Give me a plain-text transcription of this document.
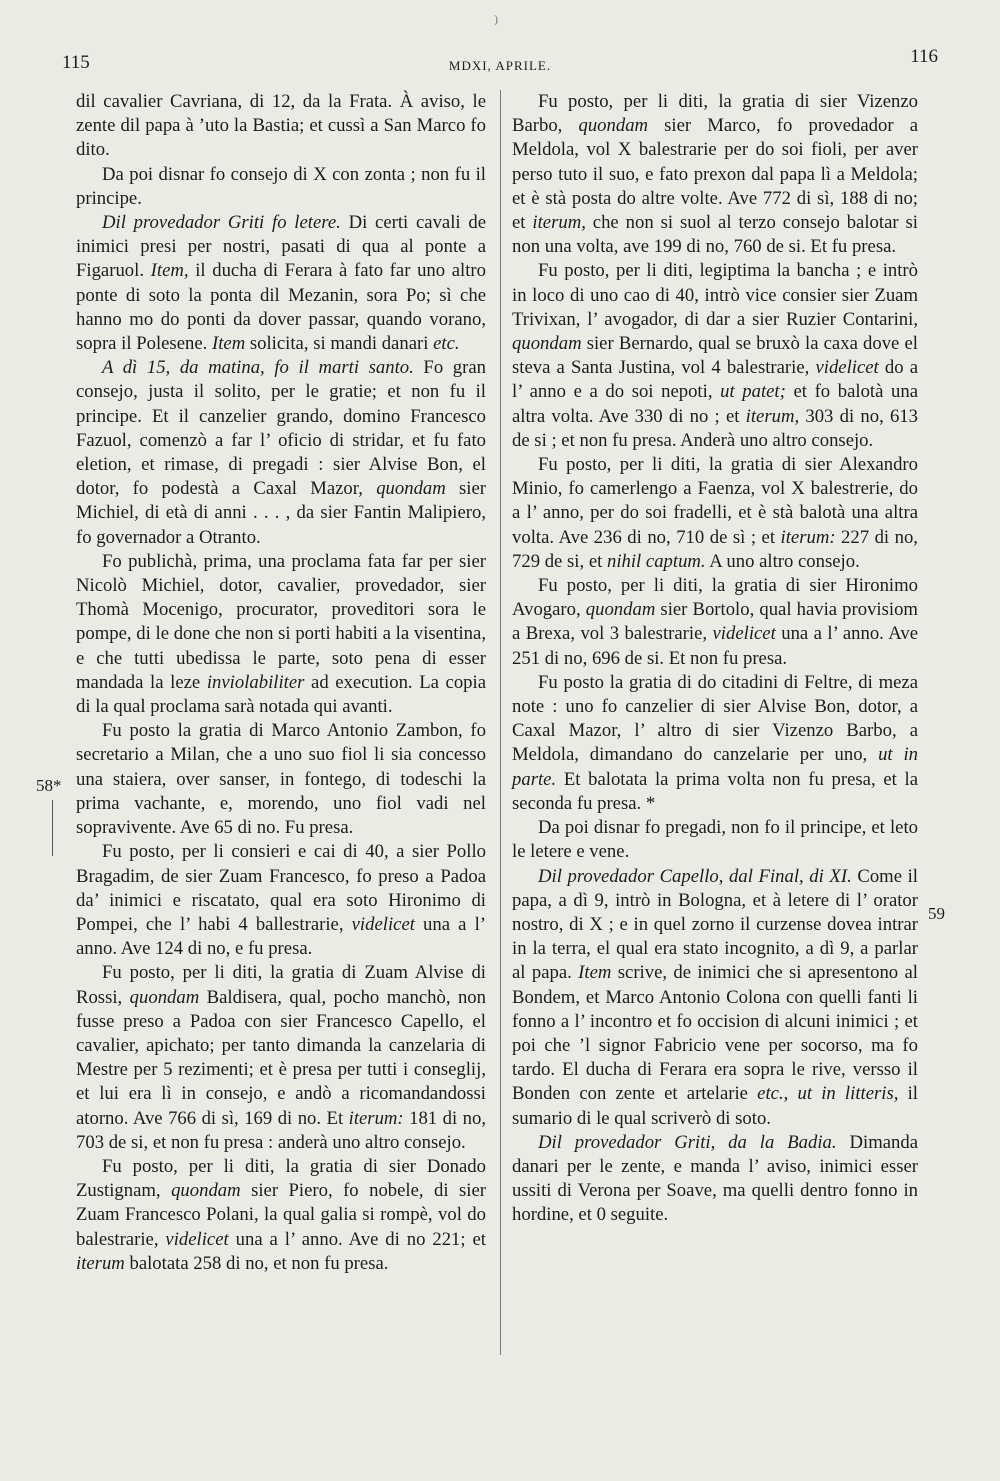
)
115	MDXI, APRILE.	116

dil cavalier Cavriana, di 12, da la Frata. À aviso, le zente dil papa à ’uto la Bastia; et cussì a San Marco fo dito.

Da poi disnar fo consejo di X con zonta ; non fu il principe.

Dil provedador Griti fo letere. Di certi cavali de inimici presi per nostri, pasati di qua al ponte a Figaruol. Item, il ducha di Ferara à fato far uno altro ponte di soto la ponta dil Mezanin, sora Po; sì che hanno mo do ponti da dover passar, quando vorano, sopra il Polesene. Item solicita, si mandi danari etc.

A dì 15, da matina, fo il marti santo. Fo gran consejo, justa il solito, per le gratie; et non fu il principe. Et il canzelier grando, domino Francesco Fazuol, comenzò a far l’ oficio di stridar, et fu fato eletion, et rimase, di pregadi : sier Alvise Bon, el dotor, fo podestà a Caxal Mazor, quondam sier Michiel, di età di anni . . . , da sier Fantin Malipiero, fo governador a Otranto.

Fo publichà, prima, una proclama fata far per sier Nicolò Michiel, dotor, cavalier, provedador, sier Thomà Mocenigo, procurator, proveditori sora le pompe, di le done che non si porti habiti a la visentina, e che tutti ubedissa le parte, soto pena di esser mandada la leze inviolabiliter ad execution. La copia di la qual proclama sarà notada qui avanti.

Fu posto la gratia di Marco Antonio Zambon, fo secretario a Milan, che a uno suo fiol li sia concesso una staiera, over sanser, in fontego, di todeschi la prima vachante, e, morendo, uno fiol vadi nel sopravivente. Ave 65 di no. Fu presa.

Fu posto, per li consieri e cai di 40, a sier Pollo Bragadim, de sier Zuam Francesco, fo preso a Padoa da’ inimici e riscatato, qual era soto Hironimo di Pompei, che l’ habi 4 ballestrarie, videlicet una a l’ anno. Ave 124 di no, e fu presa.

Fu posto, per li diti, la gratia di Zuam Alvise di Rossi, quondam Baldisera, qual, pocho manchò, non fusse preso a Padoa con sier Francesco Capello, el cavalier, apichato; per tanto dimanda la canzelaria di Mestre per 5 rezimenti; et è presa per tutti i conseglij, et lui era lì in consejo, e andò a ricomandandossi atorno. Ave 766 di sì, 169 di no. Et iterum: 181 di no, 703 de si, et non fu presa : anderà uno altro consejo.

Fu posto, per li diti, la gratia di sier Donado Zustignam, quondam sier Piero, fo nobele, di sier Zuam Francesco Polani, la qual galia si rompè, vol do balestrarie, videlicet una a l’ anno. Ave di no 221; et iterum balotata 258 di no, et non fu presa.

Fu posto, per li diti, la gratia di sier Vizenzo Barbo, quondam sier Marco, fo provedador a Meldola, vol X balestrarie per do soi fioli, per aver perso tuto il suo, e fato prexon dal papa lì a Meldola; et è stà posta do altre volte. Ave 772 di sì, 188 di no; et iterum, che non si suol al terzo consejo balotar si non una volta, ave 199 di no, 760 de si. Et fu presa.

Fu posto, per li diti, legiptima la bancha ; e intrò in loco di uno cao di 40, intrò vice consier sier Zuam Trivixan, l’ avogador, di dar a sier Ruzier Contarini, quondam sier Bernardo, qual se bruxò la caxa dove el steva a Santa Justina, vol 4 balestrarie, videlicet do a l’ anno e a do soi nepoti, ut patet; et fo balotà una altra volta. Ave 330 di no ; et iterum, 303 di no, 613 de si ; et non fu presa. Anderà uno altro consejo.

Fu posto, per li diti, la gratia di sier Alexandro Minio, fo camerlengo a Faenza, vol X balestrerie, do a l’ anno, per do soi fradelli, et è stà balotà una altra volta. Ave 236 di no, 710 de sì ; et iterum: 227 di no, 729 de si, et nihil captum. A uno altro consejo.

Fu posto, per li diti, la gratia di sier Hironimo Avogaro, quondam sier Bortolo, qual havia provisiom a Brexa, vol 3 balestrarie, videlicet una a l’ anno. Ave 251 di no, 696 de si. Et non fu presa.

Fu posto la gratia di do citadini di Feltre, di meza note : uno fo canzelier di sier Alvise Bon, dotor, a Caxal Mazor, l’ altro di sier Vizenzo Barbo, a Meldola, dimandano do canzelarie per uno, ut in parte. Et balotata la prima volta non fu presa, et la seconda fu presa. *

Da poi disnar fo pregadi, non fo il principe, et leto le letere e vene.

Dil provedador Capello, dal Final, di XI. Come il papa, a dì 9, intrò in Bologna, et à letere di l’ orator nostro, di X ; e in quel zorno il curzense dovea intrar in la terra, el qual era stato incognito, a dì 9, a parlar al papa. Item scrive, de inimici che si apresentono al Bondem, et Marco Antonio Colona con quelli fanti li fonno a l’ incontro et fo occision di alcuni inimici ; et poi che ’l signor Fabricio vene per socorso, ma fo tardo. El ducha di Ferara era sopra le rive, versso il Bonden con zente et artelarie etc., ut in litteris, il sumario di le qual scriverò di soto.

Dil provedador Griti, da la Badia. Dimanda danari per le zente, e manda l’ aviso, inimici esser ussiti di Verona per Soave, ma quelli dentro fonno in hordine, et 0 seguite.

58*
59
